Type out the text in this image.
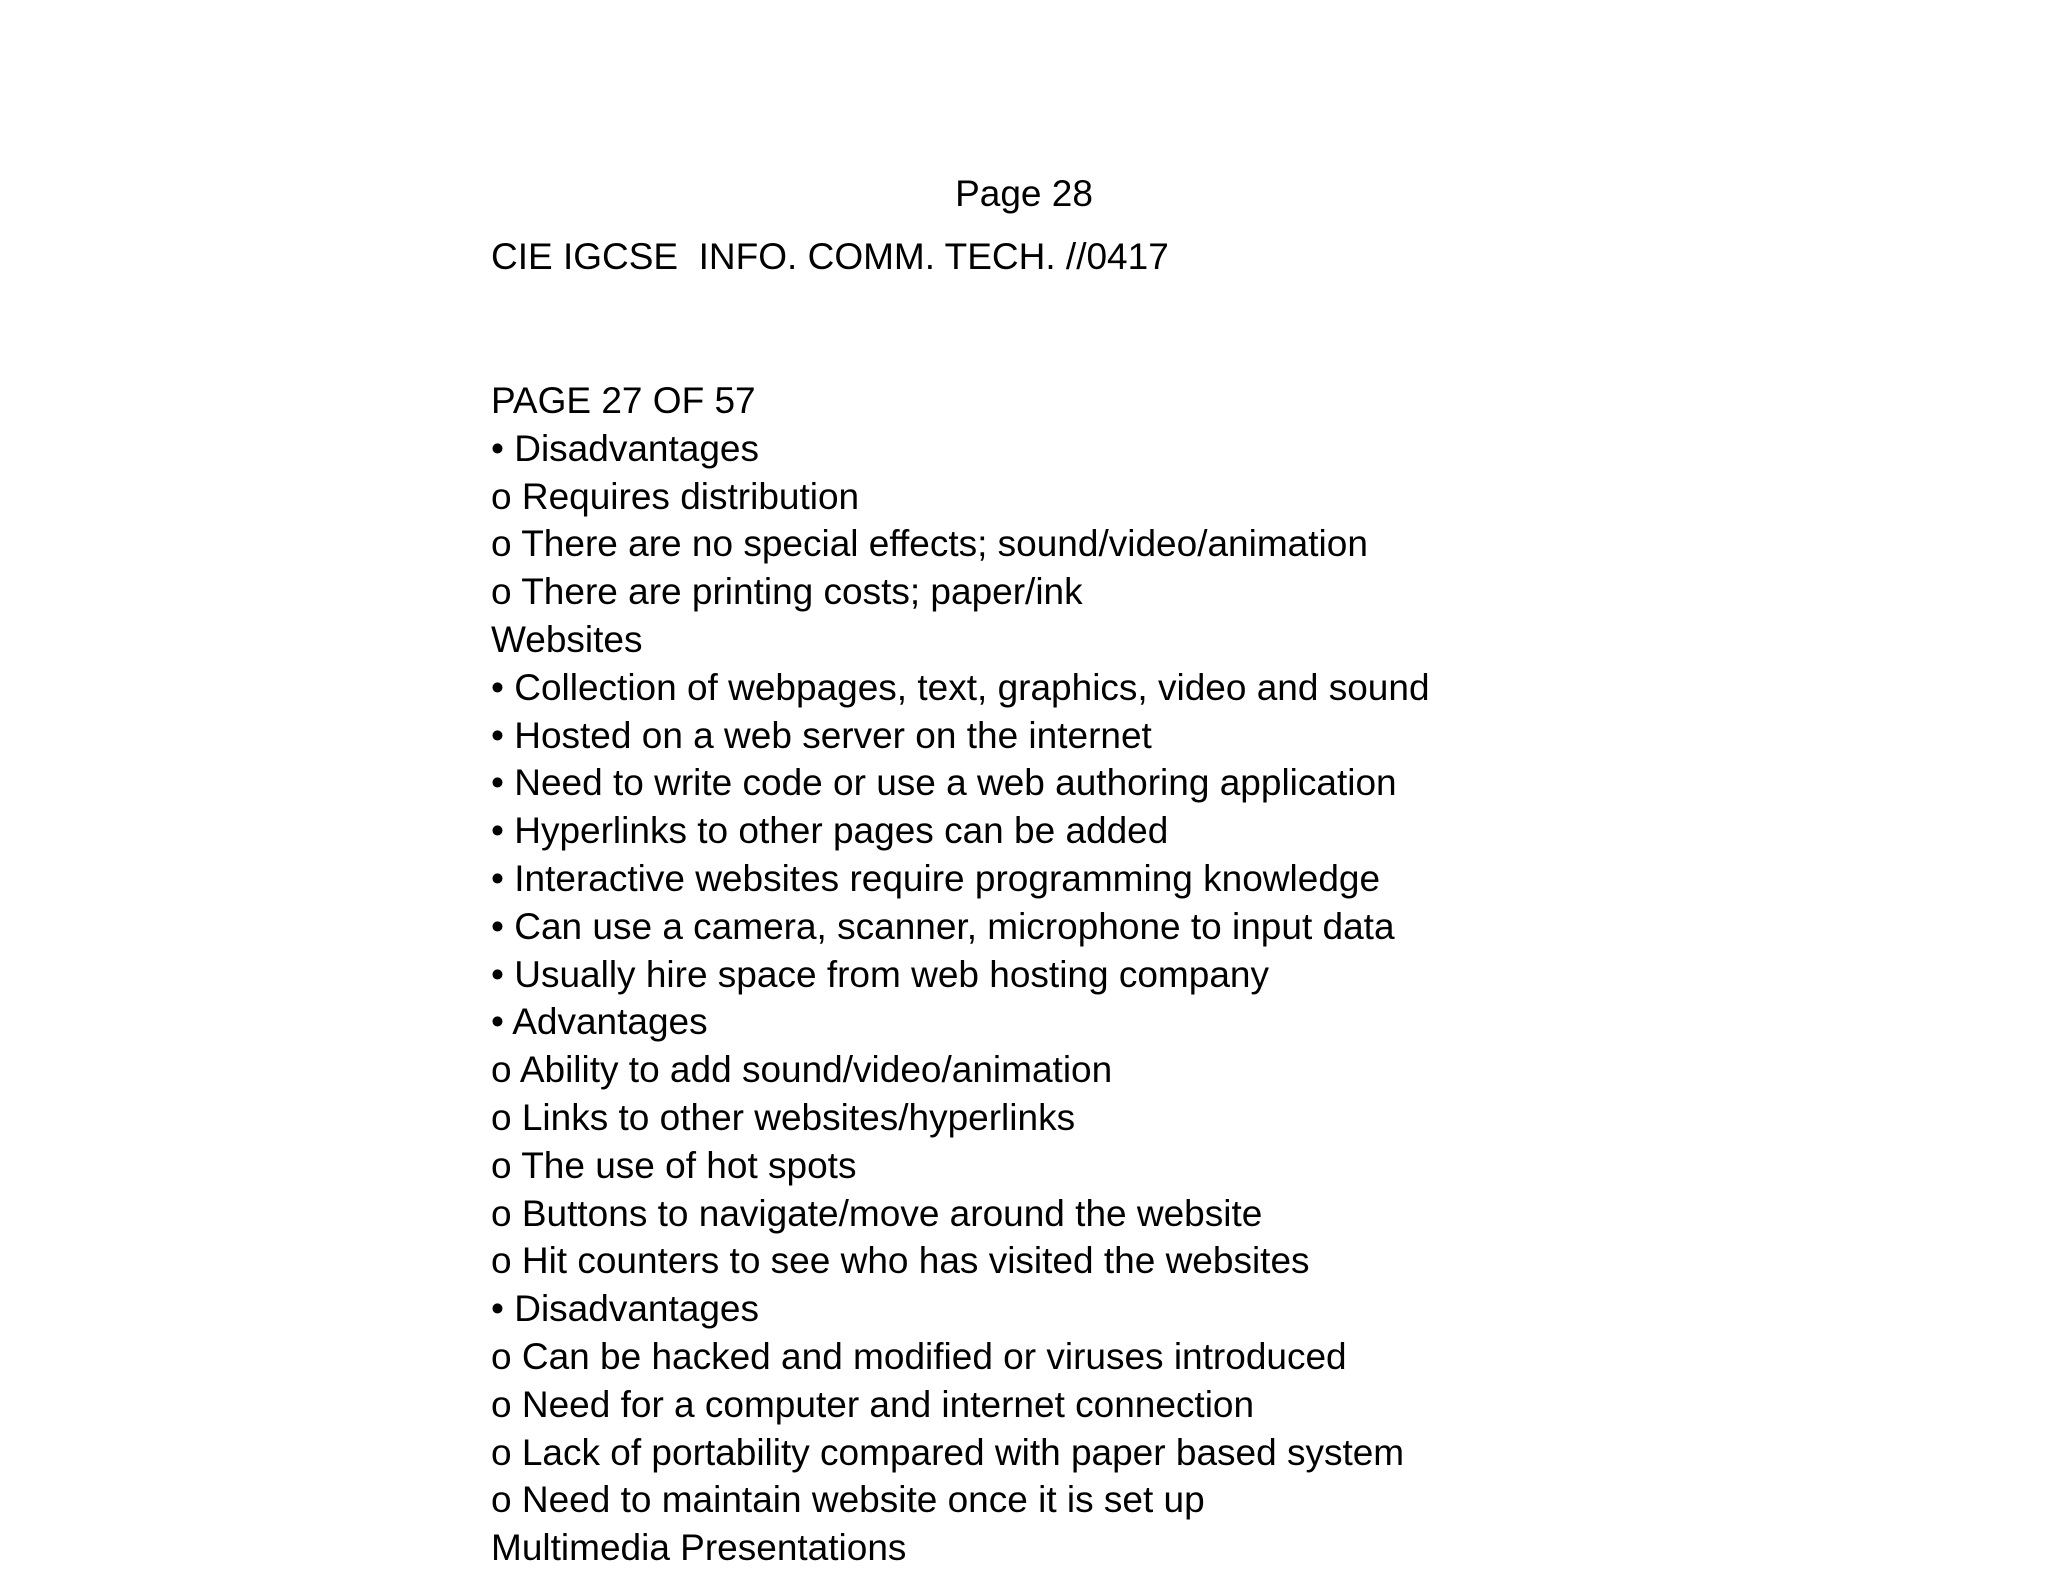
Page 28
CIE IGCSE  INFO. COMM. TECH. //0417
PAGE 27 OF 57
• Disadvantages
o Requires distribution
o There are no special effects; sound/video/animation
o There are printing costs; paper/ink
Websites
• Collection of webpages, text, graphics, video and sound
• Hosted on a web server on the internet
• Need to write code or use a web authoring application
• Hyperlinks to other pages can be added
• Interactive websites require programming knowledge
• Can use a camera, scanner, microphone to input data
• Usually hire space from web hosting company
• Advantages
o Ability to add sound/video/animation
o Links to other websites/hyperlinks
o The use of hot spots
o Buttons to navigate/move around the website
o Hit counters to see who has visited the websites
• Disadvantages
o Can be hacked and modified or viruses introduced
o Need for a computer and internet connection
o Lack of portability compared with paper based system
o Need to maintain website once it is set up
Multimedia Presentations
